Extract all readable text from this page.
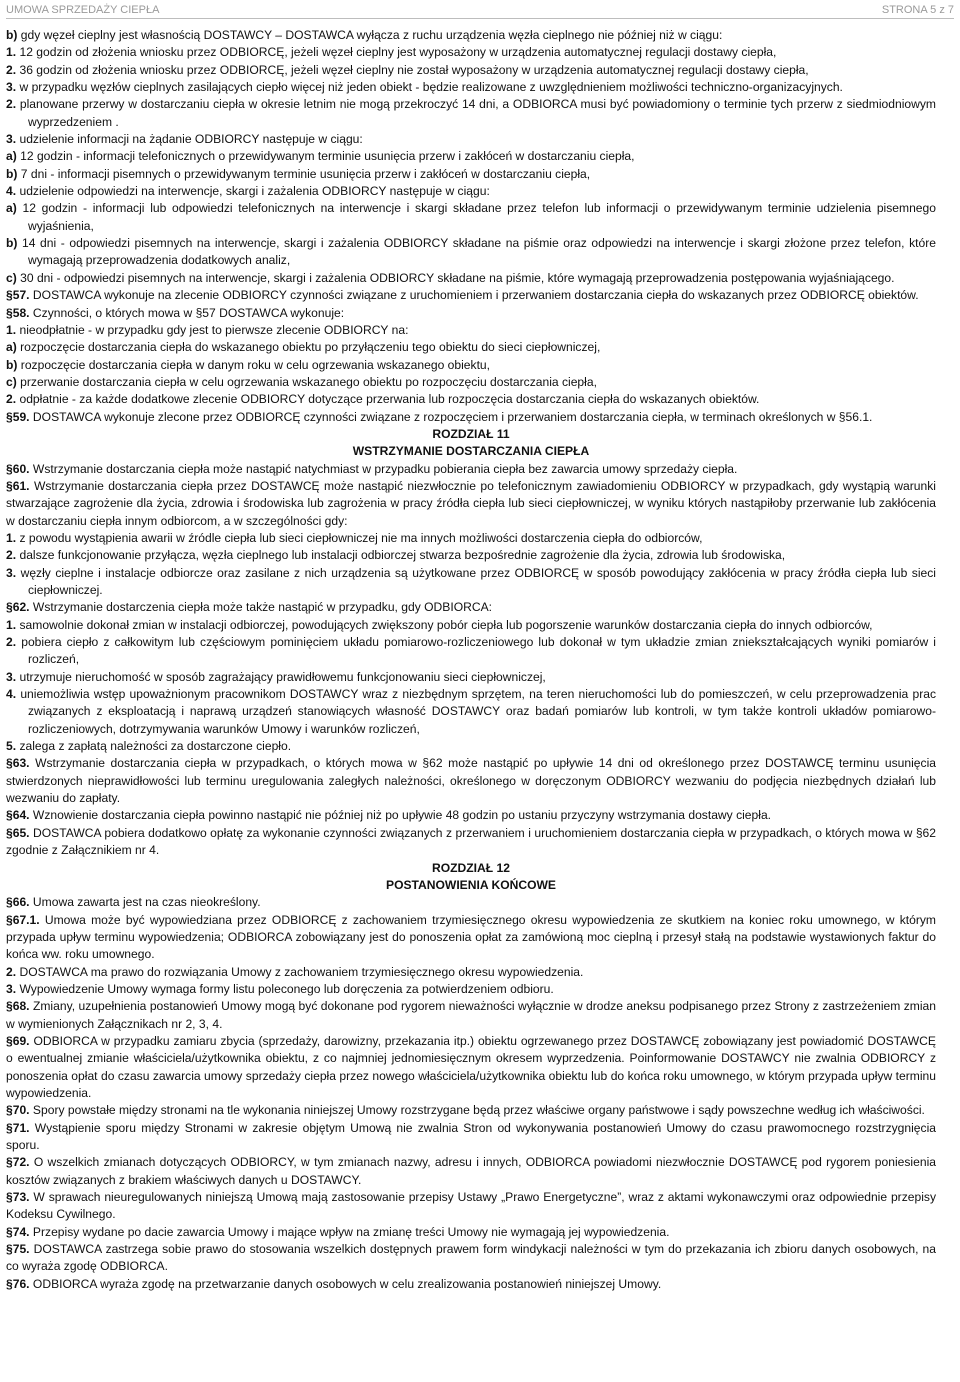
UMOWA SPRZEDAŻY CIEPŁA	STRONA 5 z 7

b) gdy węzeł cieplny jest własnością DOSTAWCY – DOSTAWCA wyłącza z ruchu urządzenia węzła cieplnego nie później niż w ciągu:

1. 12 godzin od złożenia wniosku przez ODBIORCĘ, jeżeli węzeł cieplny jest wyposażony w urządzenia automatycznej regulacji dostawy ciepła,

2. 36 godzin od złożenia wniosku przez ODBIORCĘ, jeżeli węzeł cieplny nie został wyposażony w urządzenia automatycznej regulacji dostawy ciepła,

3. w przypadku węzłów cieplnych zasilających ciepło więcej niż jeden obiekt - będzie realizowane z uwzględnieniem możliwości techniczno-organizacyjnych.

2. planowane przerwy w dostarczaniu ciepła w okresie letnim nie mogą przekroczyć 14 dni, a ODBIORCA musi być powiadomiony o terminie tych przerw z siedmiodniowym wyprzedzeniem .

3. udzielenie informacji na żądanie ODBIORCY następuje w ciągu:

a) 12 godzin - informacji telefonicznych o przewidywanym terminie usunięcia przerw i zakłóceń w dostarczaniu ciepła,

b) 7 dni - informacji pisemnych o przewidywanym terminie usunięcia przerw i zakłóceń w dostarczaniu ciepła,

4. udzielenie odpowiedzi na interwencje, skargi i zażalenia ODBIORCY następuje w ciągu:

a) 12 godzin - informacji lub odpowiedzi telefonicznych na interwencje i skargi składane przez telefon lub informacji o przewidywanym terminie udzielenia pisemnego wyjaśnienia,

b) 14 dni - odpowiedzi pisemnych na interwencje, skargi i zażalenia ODBIORCY składane na piśmie oraz odpowiedzi na interwencje i skargi złożone przez telefon, które wymagają przeprowadzenia dodatkowych analiz,

c) 30 dni - odpowiedzi pisemnych na interwencje, skargi i zażalenia ODBIORCY składane na piśmie, które wymagają przeprowadzenia postępowania wyjaśniającego.

§57. DOSTAWCA wykonuje na zlecenie ODBIORCY czynności związane z uruchomieniem i przerwaniem dostarczania ciepła do wskazanych przez ODBIORCĘ obiektów.

§58. Czynności, o których mowa w §57 DOSTAWCA wykonuje:

1. nieodpłatnie - w przypadku gdy jest to pierwsze zlecenie ODBIORCY na:

a) rozpoczęcie dostarczania ciepła do wskazanego obiektu po przyłączeniu tego obiektu do sieci ciepłowniczej,

b) rozpoczęcie dostarczania ciepła w danym roku w celu ogrzewania wskazanego obiektu,

c) przerwanie dostarczania ciepła w celu ogrzewania wskazanego obiektu po rozpoczęciu dostarczania ciepła,

2. odpłatnie - za każde dodatkowe zlecenie ODBIORCY dotyczące przerwania lub rozpoczęcia dostarczania ciepła do wskazanych obiektów.

§59. DOSTAWCA wykonuje zlecone przez ODBIORCĘ czynności związane z rozpoczęciem i przerwaniem dostarczania ciepła, w terminach określonych w §56.1.

ROZDZIAŁ 11

WSTRZYMANIE DOSTARCZANIA CIEPŁA

§60. Wstrzymanie dostarczania ciepła może nastąpić natychmiast w przypadku pobierania ciepła bez zawarcia umowy sprzedaży ciepła.

§61. Wstrzymanie dostarczania ciepła przez DOSTAWCĘ może nastąpić niezwłocznie po telefonicznym zawiadomieniu ODBIORCY w przypadkach, gdy wystąpią warunki stwarzające zagrożenie dla życia, zdrowia i środowiska lub zagrożenia w pracy źródła ciepła lub sieci ciepłowniczej, w wyniku których nastąpiłoby przerwanie lub zakłócenia w dostarczaniu ciepła innym odbiorcom, a w szczególności gdy:

1. z powodu wystąpienia awarii w źródle ciepła lub sieci ciepłowniczej nie ma innych możliwości dostarczenia ciepła do odbiorców,

2. dalsze funkcjonowanie przyłącza, węzła cieplnego lub instalacji odbiorczej stwarza bezpośrednie zagrożenie dla życia, zdrowia lub środowiska,

3. węzły cieplne i instalacje odbiorcze oraz zasilane z nich urządzenia są użytkowane przez ODBIORCĘ w sposób powodujący zakłócenia w pracy źródła ciepła lub sieci ciepłowniczej.

§62. Wstrzymanie dostarczenia ciepła może także nastąpić w przypadku, gdy ODBIORCA:

1. samowolnie dokonał zmian w instalacji odbiorczej, powodujących zwiększony pobór ciepła lub pogorszenie warunków dostarczania ciepła do innych odbiorców,

2. pobiera ciepło z całkowitym lub częściowym pominięciem układu pomiarowo-rozliczeniowego lub dokonał w tym układzie zmian zniekształcających wyniki pomiarów i rozliczeń,

3. utrzymuje nieruchomość w sposób zagrażający prawidłowemu funkcjonowaniu sieci ciepłowniczej,

4. uniemożliwia wstęp upoważnionym pracownikom DOSTAWCY wraz z niezbędnym sprzętem, na teren nieruchomości lub do pomieszczeń, w celu przeprowadzenia prac związanych z eksploatacją i naprawą urządzeń stanowiących własność DOSTAWCY oraz badań pomiarów lub kontroli, w tym także kontroli układów pomiarowo-rozliczeniowych, dotrzymywania warunków Umowy i warunków rozliczeń,

5. zalega z zapłatą należności za dostarczone ciepło.

§63. Wstrzymanie dostarczania ciepła w przypadkach, o których mowa w §62 może nastąpić po upływie 14 dni od określonego przez DOSTAWCĘ terminu usunięcia stwierdzonych nieprawidłowości lub terminu uregulowania zaległych należności, określonego w doręczonym ODBIORCY wezwaniu do podjęcia niezbędnych działań lub wezwaniu do zapłaty.

§64. Wznowienie dostarczania ciepła powinno nastąpić nie później niż po upływie 48 godzin po ustaniu przyczyny wstrzymania dostawy ciepła.

§65. DOSTAWCA pobiera dodatkowo opłatę za wykonanie czynności związanych z przerwaniem i uruchomieniem dostarczania ciepła w przypadkach, o których mowa w §62 zgodnie z Załącznikiem nr 4.

ROZDZIAŁ 12

POSTANOWIENIA KOŃCOWE

§66. Umowa zawarta jest na czas nieokreślony.

§67.1. Umowa może być wypowiedziana przez ODBIORCĘ z zachowaniem trzymiesięcznego okresu wypowiedzenia ze skutkiem na koniec roku umownego, w którym przypada upływ terminu wypowiedzenia; ODBIORCA zobowiązany jest do ponoszenia opłat za zamówioną moc cieplną i przesył stałą na podstawie wystawionych faktur do końca ww. roku umownego.

2. DOSTAWCA ma prawo do rozwiązania Umowy z zachowaniem trzymiesięcznego okresu wypowiedzenia.

3. Wypowiedzenie Umowy wymaga formy listu poleconego lub doręczenia za potwierdzeniem odbioru.

§68. Zmiany, uzupełnienia postanowień Umowy mogą być dokonane pod rygorem nieważności wyłącznie w drodze aneksu podpisanego przez Strony z zastrzeżeniem zmian w wymienionych Załącznikach nr 2, 3, 4.

§69. ODBIORCA w przypadku zamiaru zbycia (sprzedaży, darowizny, przekazania itp.) obiektu ogrzewanego przez DOSTAWCĘ zobowiązany jest powiadomić DOSTAWCĘ o ewentualnej zmianie właściciela/użytkownika obiektu, z co najmniej jednomiesięcznym okresem wyprzedzenia. Poinformowanie DOSTAWCY nie zwalnia ODBIORCY z ponoszenia opłat do czasu zawarcia umowy sprzedaży ciepła przez nowego właściciela/użytkownika obiektu lub do końca roku umownego, w którym przypada upływ terminu wypowiedzenia.

§70. Spory powstałe między stronami na tle wykonania niniejszej Umowy rozstrzygane będą przez właściwe organy państwowe i sądy powszechne według ich właściwości.

§71. Wystąpienie sporu między Stronami w zakresie objętym Umową nie zwalnia Stron od wykonywania postanowień Umowy do czasu prawomocnego rozstrzygnięcia sporu.

§72. O wszelkich zmianach dotyczących ODBIORCY, w tym zmianach nazwy, adresu i innych, ODBIORCA powiadomi niezwłocznie DOSTAWCĘ pod rygorem poniesienia kosztów związanych z brakiem właściwych danych u DOSTAWCY.

§73. W sprawach nieuregulowanych niniejszą Umową mają zastosowanie przepisy Ustawy „Prawo Energetyczne”, wraz z aktami wykonawczymi oraz odpowiednie przepisy Kodeksu Cywilnego.

§74. Przepisy wydane po dacie zawarcia Umowy i mające wpływ na zmianę treści Umowy nie wymagają jej wypowiedzenia.

§75. DOSTAWCA zastrzega sobie prawo do stosowania wszelkich dostępnych prawem form windykacji należności w tym do przekazania ich zbioru danych osobowych, na co wyraża zgodę ODBIORCA.

§76. ODBIORCA wyraża zgodę na przetwarzanie danych osobowych w celu zrealizowania postanowień niniejszej Umowy.
